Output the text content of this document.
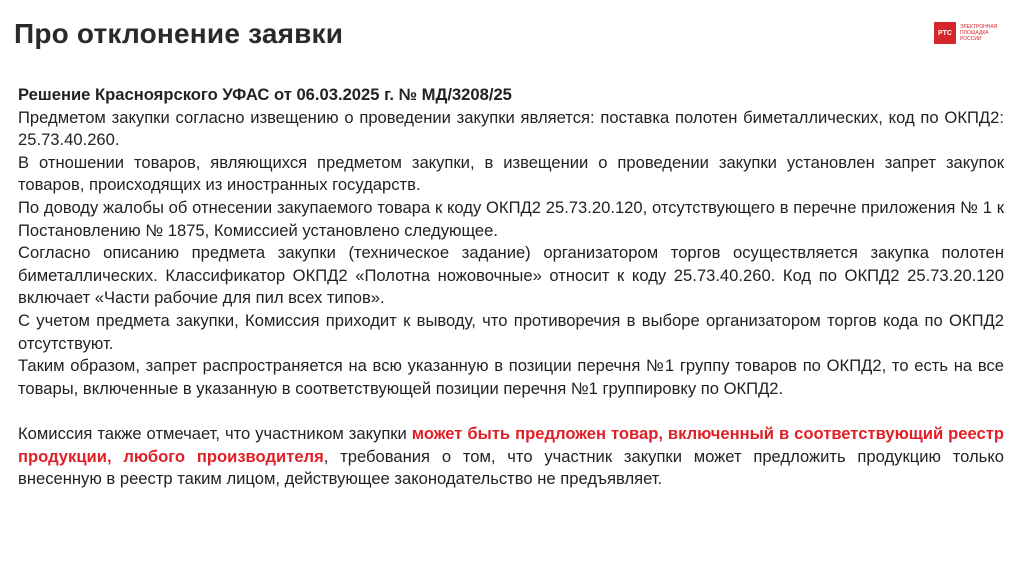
Про отклонение заявки	РТС
ЭЛЕКТРОННАЯ
ПЛОЩАДКА
РОССИИ

Решение Красноярского УФАС от 06.03.2025 г. № МД/3208/25

Предметом закупки согласно извещению о проведении закупки является: поставка полотен биметаллических, код по ОКПД2: 25.73.40.260.

В отношении товаров, являющихся предметом закупки, в извещении о проведении закупки установлен запрет закупок товаров, происходящих из иностранных государств.

По доводу жалобы об отнесении закупаемого товара к коду ОКПД2 25.73.20.120, отсутствующего в перечне приложения № 1 к Постановлению № 1875, Комиссией установлено следующее.

Согласно описанию предмета закупки (техническое задание) организатором торгов осуществляется закупка полотен биметаллических. Классификатор ОКПД2 «Полотна ножовочные» относит к коду 25.73.40.260. Код по ОКПД2 25.73.20.120 включает «Части рабочие для пил всех типов».

С учетом предмета закупки, Комиссия приходит к выводу, что противоречия в выборе организатором торгов кода по ОКПД2 отсутствуют.

Таким образом, запрет распространяется на всю указанную в позиции перечня №1 группу товаров по ОКПД2, то есть на все товары, включенные в указанную в соответствующей позиции перечня №1 группировку по ОКПД2.

Комиссия также отмечает, что участником закупки может быть предложен товар, включенный в соответствующий реестр продукции, любого производителя, требования о том, что участник закупки может предложить продукцию только внесенную в реестр таким лицом, действующее законодательство не предъявляет.
